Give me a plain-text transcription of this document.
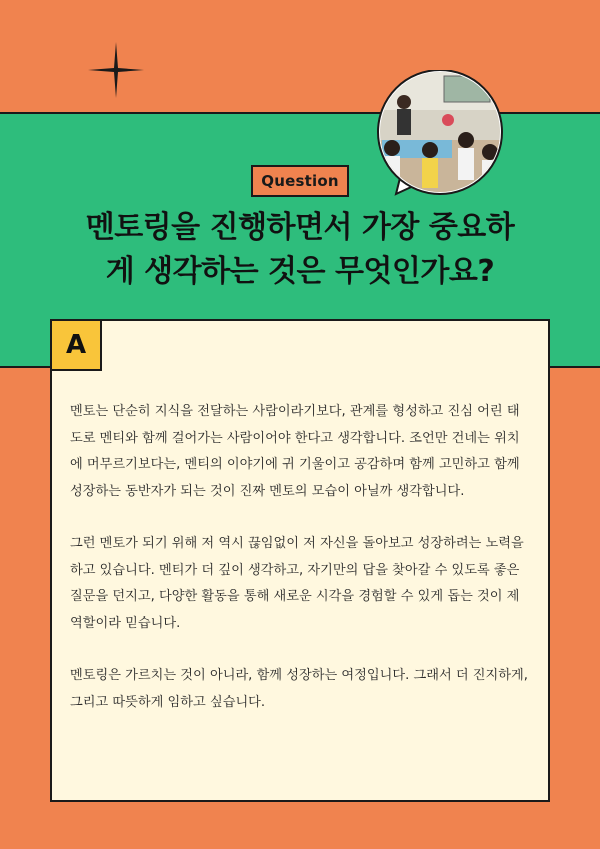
Question
멘토링을 진행하면서 가장 중요하
게 생각하는 것은 무엇인가요?
A

멘토는 단순히 지식을 전달하는 사람이라기보다, 관계를 형성하고 진심 어린 태도로 멘티와 함께 걸어가는 사람이어야 한다고 생각합니다. 조언만 건네는 위치에 머무르기보다는, 멘티의 이야기에 귀 기울이고 공감하며 함께 고민하고 함께 성장하는 동반자가 되는 것이 진짜 멘토의 모습이 아닐까 생각합니다.

그런 멘토가 되기 위해 저 역시 끊임없이 저 자신을 돌아보고 성장하려는 노력을 하고 있습니다. 멘티가 더 깊이 생각하고, 자기만의 답을 찾아갈 수 있도록 좋은 질문을 던지고, 다양한 활동을 통해 새로운 시각을 경험할 수 있게 돕는 것이 제 역할이라 믿습니다.

멘토링은 가르치는 것이 아니라, 함께 성장하는 여정입니다. 그래서 더 진지하게, 그리고 따뜻하게 임하고 싶습니다.
